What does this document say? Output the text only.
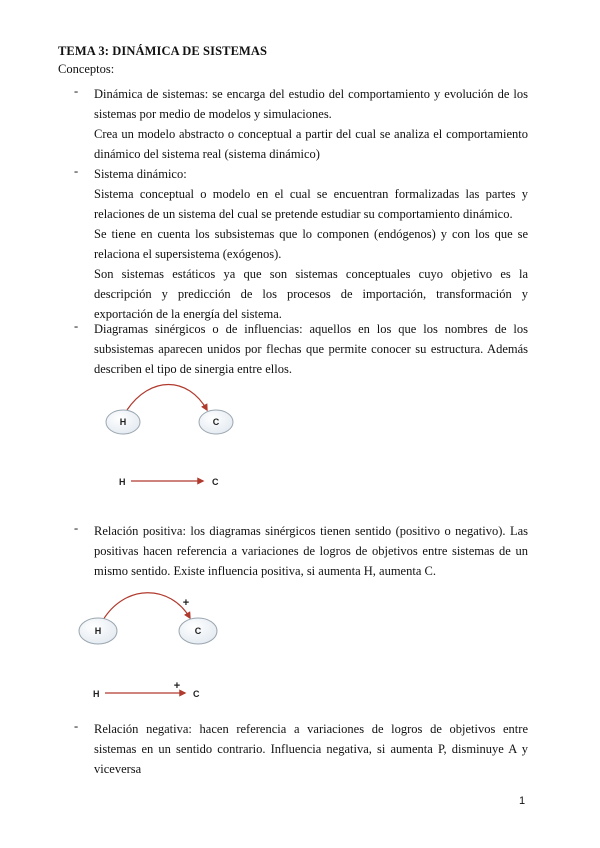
TEMA 3: DINÁMICA DE SISTEMAS
Conceptos:
- Dinámica de sistemas: se encarga del estudio del comportamiento y evolución de los sistemas por medio de modelos y simulaciones.

Crea un modelo abstracto o conceptual a partir del cual se analiza el comportamiento dinámico del sistema real (sistema dinámico)

- Sistema dinámico:

Sistema conceptual o modelo en el cual se encuentran formalizadas las partes y relaciones de un sistema del cual se pretende estudiar su comportamiento dinámico.

Se tiene en cuenta los subsistemas que lo componen (endógenos) y con los que se relaciona el supersistema (exógenos).

Son sistemas estáticos ya que son sistemas conceptuales cuyo objetivo es la descripción y predicción de los procesos de importación, transformación y exportación de la energía del sistema.

- Diagramas sinérgicos o de influencias: aquellos en los que los nombres de los subsistemas aparecen unidos por flechas que permite conocer su estructura. Además describen el tipo de sinergia entre ellos.

- Relación positiva: los diagramas sinérgicos tienen sentido (positivo o negativo). Las positivas hacen referencia a variaciones de logros de objetivos entre sistemas de un mismo sentido. Existe influencia positiva, si aumenta H, aumenta C.

- Relación negativa: hacen referencia a variaciones de logros de objetivos entre sistemas en un sentido contrario. Influencia negativa, si aumenta P, disminuye A y viceversa

H	C
H	C
+
H	C
H
+
C
1
